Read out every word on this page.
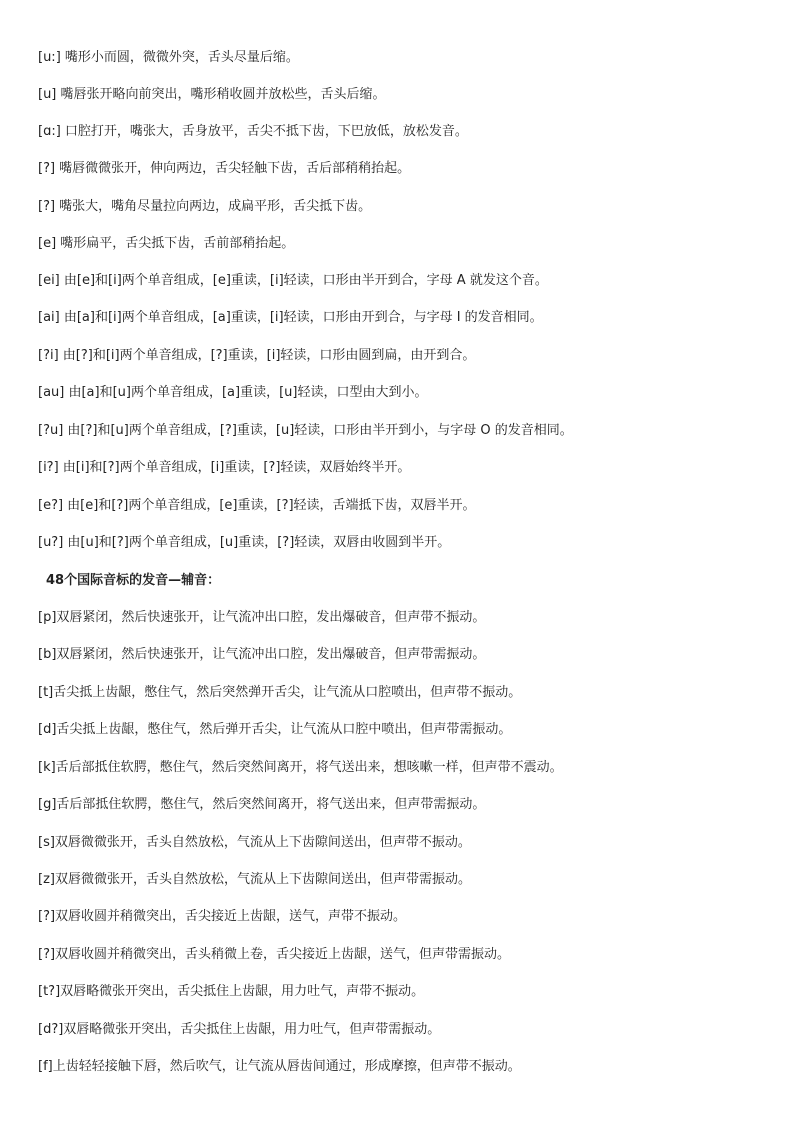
[u:] 嘴形小而圆，微微外突，舌头尽量后缩。
[u] 嘴唇张开略向前突出，嘴形稍收圆并放松些，舌头后缩。
[ɑ:] 口腔打开，嘴张大，舌身放平，舌尖不抵下齿，下巴放低，放松发音。
[?] 嘴唇微微张开，伸向两边，舌尖轻触下齿，舌后部稍稍抬起。
[?] 嘴张大，嘴角尽量拉向两边，成扁平形，舌尖抵下齿。
[e] 嘴形扁平，舌尖抵下齿，舌前部稍抬起。
[ei] 由[e]和[i]两个单音组成，[e]重读，[i]轻读，口形由半开到合，字母 A 就发这个音。
[ai] 由[a]和[i]两个单音组成，[a]重读，[i]轻读，口形由开到合，与字母 I 的发音相同。
[?i] 由[?]和[i]两个单音组成，[?]重读，[i]轻读，口形由圆到扁，由开到合。
[au] 由[a]和[u]两个单音组成，[a]重读，[u]轻读，口型由大到小。
[?u] 由[?]和[u]两个单音组成，[?]重读，[u]轻读，口形由半开到小，与字母 O 的发音相同。
[i?] 由[i]和[?]两个单音组成，[i]重读，[?]轻读，双唇始终半开。
[e?] 由[e]和[?]两个单音组成，[e]重读，[?]轻读，舌端抵下齿，双唇半开。
[u?] 由[u]和[?]两个单音组成，[u]重读，[?]轻读，双唇由收圆到半开。
48个国际音标的发音—辅音：
[p]双唇紧闭，然后快速张开，让气流冲出口腔，发出爆破音，但声带不振动。
[b]双唇紧闭，然后快速张开，让气流冲出口腔，发出爆破音，但声带需振动。
[t]舌尖抵上齿龈，憋住气，然后突然弹开舌尖，让气流从口腔喷出，但声带不振动。
[d]舌尖抵上齿龈，憋住气，然后弹开舌尖，让气流从口腔中喷出，但声带需振动。
[k]舌后部抵住软腭，憋住气，然后突然间离开，将气送出来，想咳嗽一样，但声带不震动。
[g]舌后部抵住软腭，憋住气，然后突然间离开，将气送出来，但声带需振动。
[s]双唇微微张开，舌头自然放松，气流从上下齿隙间送出，但声带不振动。
[z]双唇微微张开，舌头自然放松，气流从上下齿隙间送出，但声带需振动。
[?]双唇收圆并稍微突出，舌尖接近上齿龈，送气，声带不振动。
[?]双唇收圆并稍微突出，舌头稍微上卷，舌尖接近上齿龈，送气，但声带需振动。
[t?]双唇略微张开突出，舌尖抵住上齿龈，用力吐气，声带不振动。
[d?]双唇略微张开突出，舌尖抵住上齿龈，用力吐气，但声带需振动。
[f]上齿轻轻接触下唇，然后吹气，让气流从唇齿间通过，形成摩擦，但声带不振动。
